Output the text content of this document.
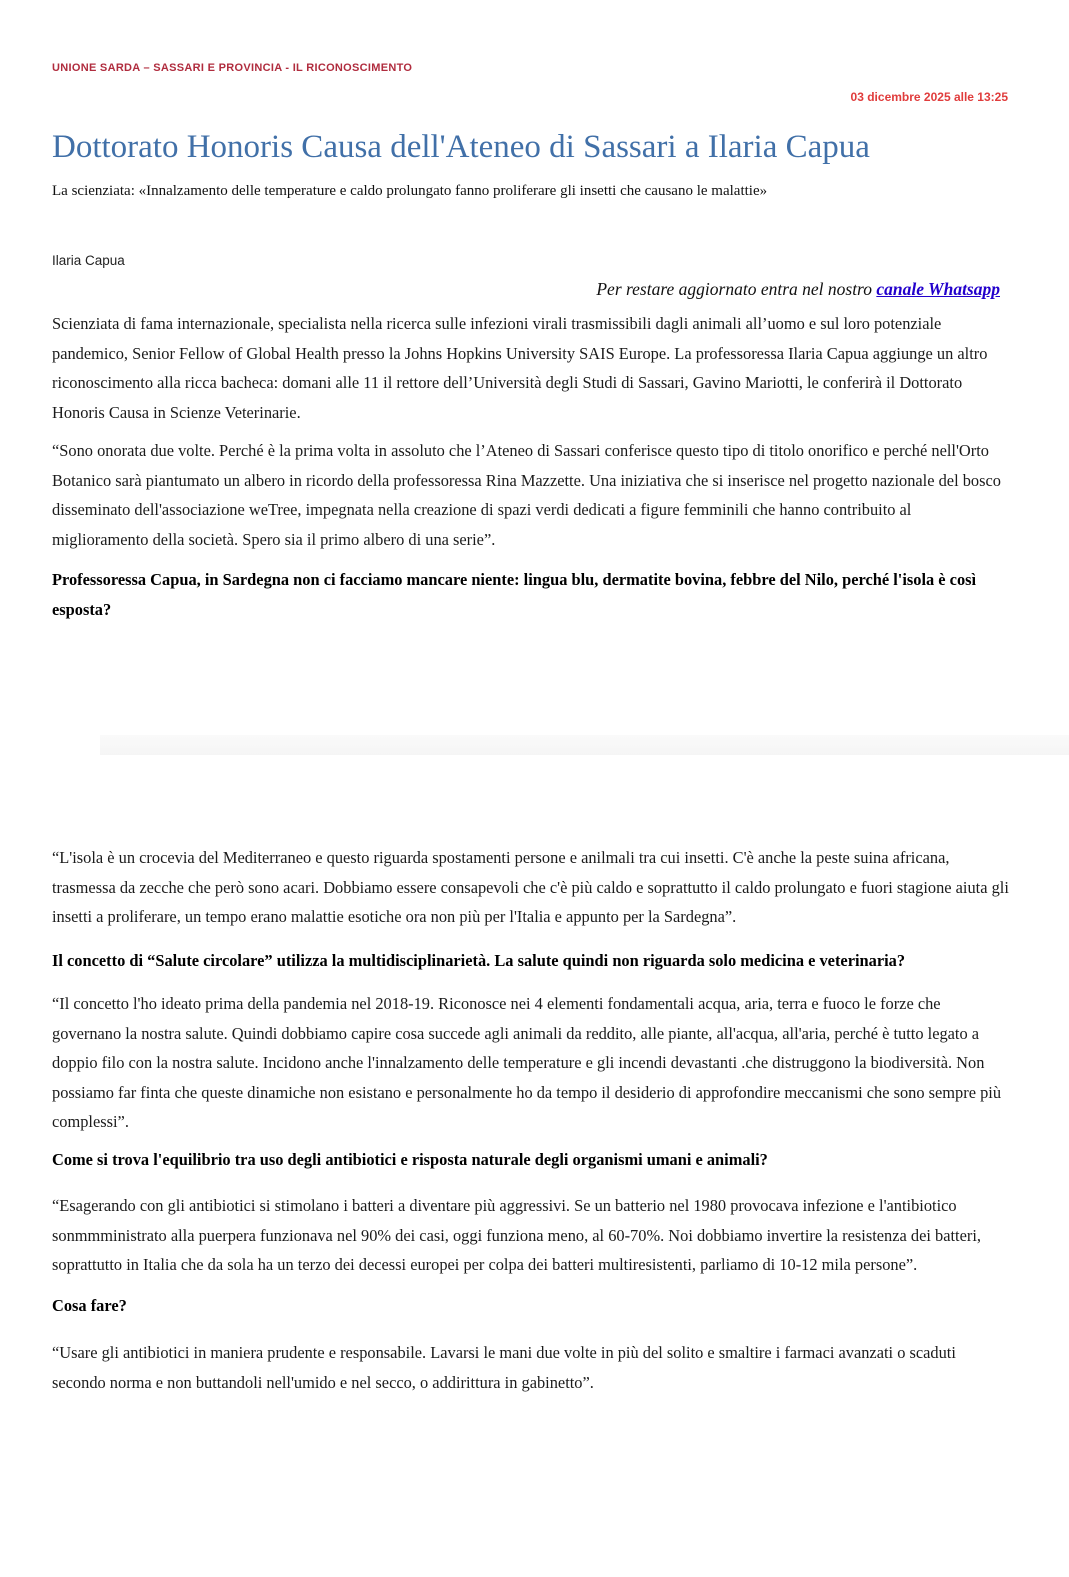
UNIONE SARDA – SASSARI E PROVINCIA - IL RICONOSCIMENTO
03 dicembre 2025 alle 13:25
Dottorato Honoris Causa dell'Ateneo di Sassari a Ilaria Capua
La scienziata: «Innalzamento delle temperature e caldo prolungato fanno proliferare gli insetti che causano le malattie»
Ilaria Capua
Per restare aggiornato entra nel nostro canale Whatsapp

Scienziata di fama internazionale, specialista nella ricerca sulle infezioni virali trasmissibili dagli animali all’uomo e sul loro potenziale pandemico, Senior Fellow of Global Health presso la Johns Hopkins University SAIS Europe. La professoressa Ilaria Capua aggiunge un altro riconoscimento alla ricca bacheca: domani alle 11 il rettore dell’Università degli Studi di Sassari, Gavino Mariotti, le conferirà il Dottorato Honoris Causa in Scienze Veterinarie.

“Sono onorata due volte. Perché è la prima volta in assoluto che l’Ateneo di Sassari conferisce questo tipo di titolo onorifico e perché nell'Orto Botanico sarà piantumato un albero in ricordo della professoressa Rina Mazzette. Una iniziativa che si inserisce nel progetto nazionale del bosco disseminato dell'associazione weTree, impegnata nella creazione di spazi verdi dedicati a figure femminili che hanno contribuito al miglioramento della società. Spero sia il primo albero di una serie”.

Professoressa Capua, in Sardegna non ci facciamo mancare niente: lingua blu, dermatite bovina, febbre del Nilo, perché l'isola è così esposta?

“L'isola è un crocevia del Mediterraneo e questo riguarda spostamenti persone e anilmali tra cui insetti. C'è anche la peste suina africana, trasmessa da zecche che però sono acari. Dobbiamo essere consapevoli che c'è più caldo e soprattutto il caldo prolungato e fuori stagione aiuta gli insetti a proliferare, un tempo erano malattie esotiche ora non più per l'Italia e appunto per la Sardegna”.

Il concetto di “Salute circolare” utilizza la multidisciplinarietà. La salute quindi non riguarda solo medicina e veterinaria?

“Il concetto l'ho ideato prima della pandemia nel 2018-19. Riconosce nei 4 elementi fondamentali acqua, aria, terra e fuoco le forze che governano la nostra salute. Quindi dobbiamo capire cosa succede agli animali da reddito, alle piante, all'acqua, all'aria, perché è tutto legato a doppio filo con la nostra salute. Incidono anche l'innalzamento delle temperature e gli incendi devastanti .che distruggono la biodiversità. Non possiamo far finta che queste dinamiche non esistano e personalmente ho da tempo il desiderio di approfondire meccanismi che sono sempre più complessi”.

Come si trova l'equilibrio tra uso degli antibiotici e risposta naturale degli organismi umani e animali?

“Esagerando con gli antibiotici si stimolano i batteri a diventare più aggressivi. Se un batterio nel 1980 provocava infezione e l'antibiotico sonmmministrato alla puerpera funzionava nel 90% dei casi, oggi funziona meno, al 60-70%. Noi dobbiamo invertire la resistenza dei batteri, soprattutto in Italia che da sola ha un terzo dei decessi europei per colpa dei batteri multiresistenti, parliamo di 10-12 mila persone”.

Cosa fare?

“Usare gli antibiotici in maniera prudente e responsabile. Lavarsi le mani due volte in più del solito e smaltire i farmaci avanzati o scaduti secondo norma e non buttandoli nell'umido e nel secco, o addirittura in gabinetto”.
